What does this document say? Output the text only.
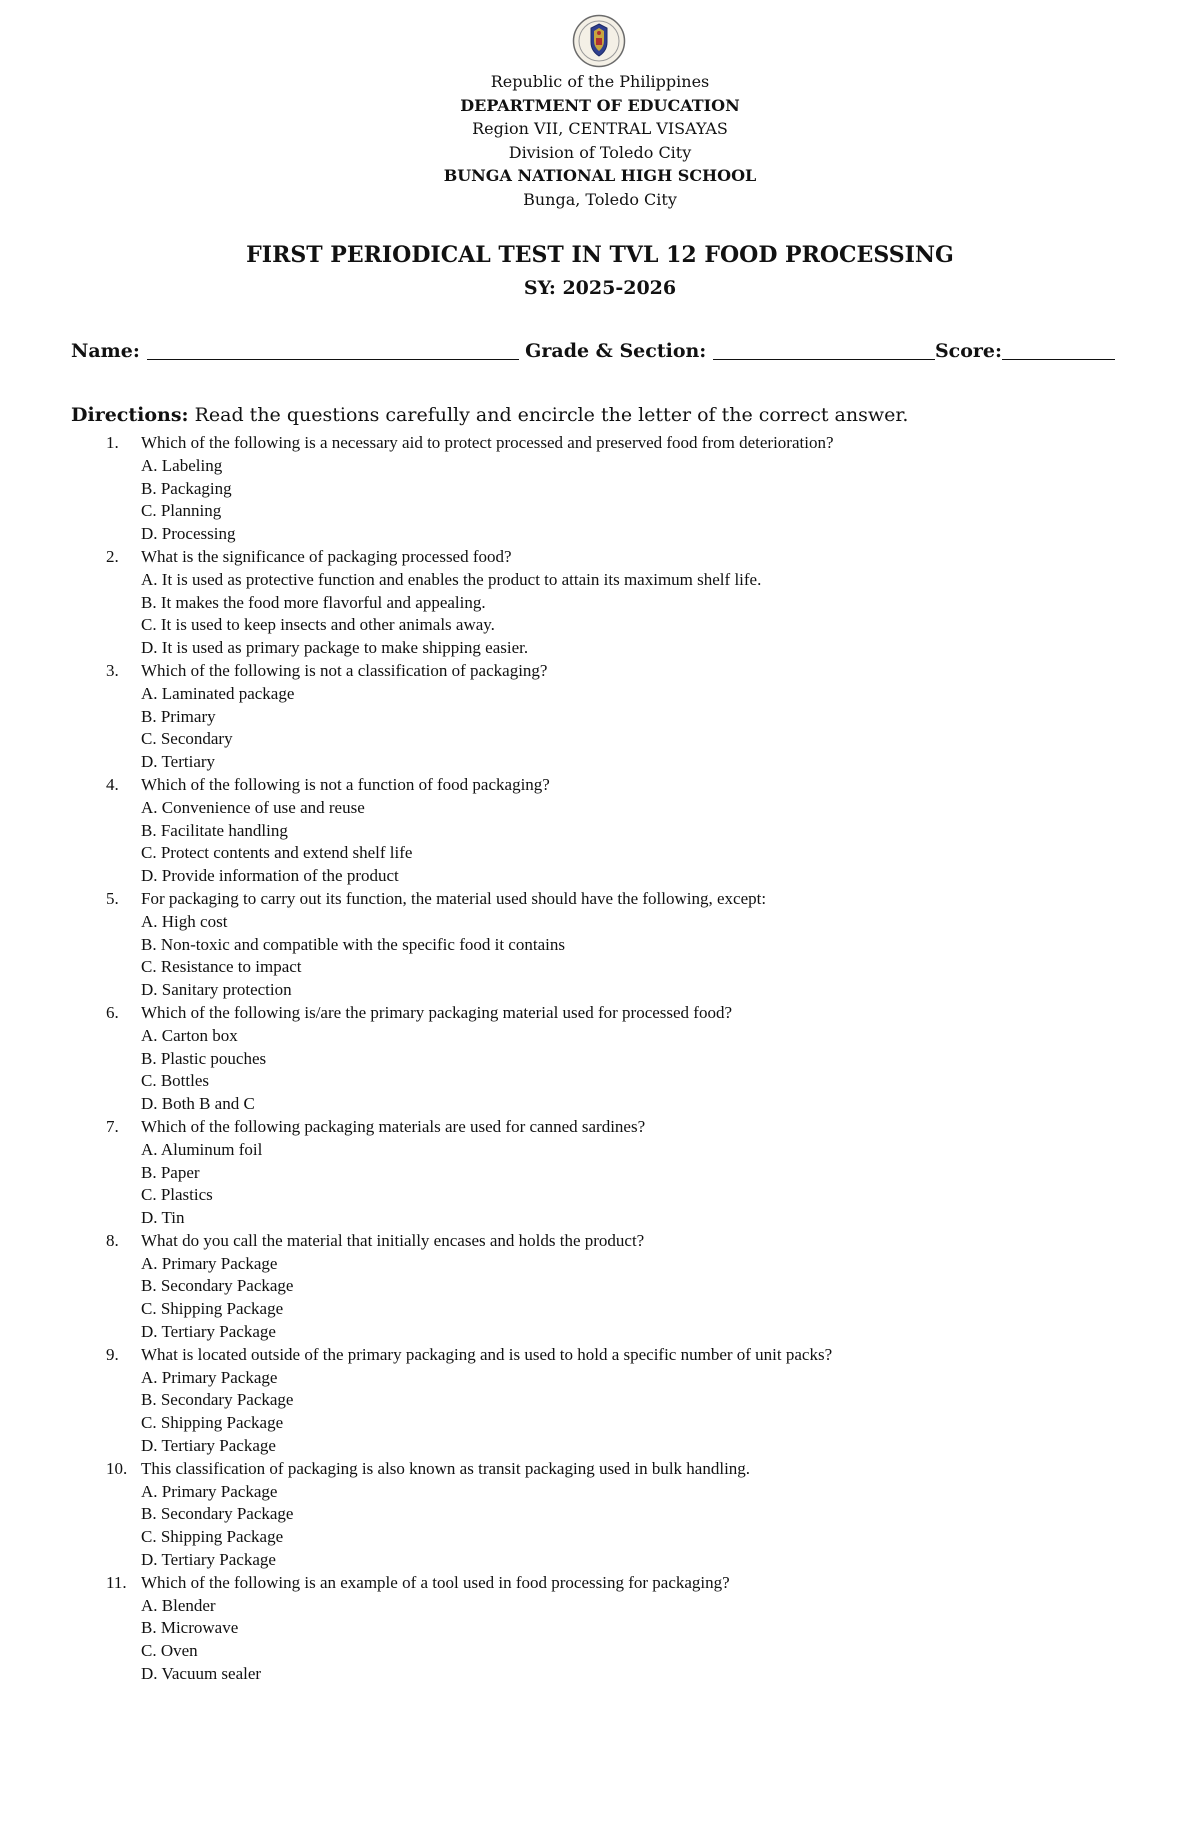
Republic of the Philippines
DEPARTMENT OF EDUCATION
Region VII, CENTRAL VISAYAS
Division of Toledo City
BUNGA NATIONAL HIGH SCHOOL
Bunga, Toledo City
FIRST PERIODICAL TEST IN TVL 12 FOOD PROCESSING
SY: 2025-2026
Name:	Grade & Section:	Score:
Directions: Read the questions carefully and encircle the letter of the correct answer.
1. Which of the following is a necessary aid to protect processed and preserved food from deterioration?
A. Labeling
B. Packaging
C. Planning
D. Processing
2. What is the significance of packaging processed food?
A. It is used as protective function and enables the product to attain its maximum shelf life.
B. It makes the food more flavorful and appealing.
C. It is used to keep insects and other animals away.
D. It is used as primary package to make shipping easier.
3. Which of the following is not a classification of packaging?
A. Laminated package
B. Primary
C. Secondary
D. Tertiary
4. Which of the following is not a function of food packaging?
A. Convenience of use and reuse
B. Facilitate handling
C. Protect contents and extend shelf life
D. Provide information of the product
5. For packaging to carry out its function, the material used should have the following, except:
A. High cost
B. Non-toxic and compatible with the specific food it contains
C. Resistance to impact
D. Sanitary protection
6. Which of the following is/are the primary packaging material used for processed food?
A. Carton box
B. Plastic pouches
C. Bottles
D. Both B and C
7. Which of the following packaging materials are used for canned sardines?
A. Aluminum foil
B. Paper
C. Plastics
D. Tin
8. What do you call the material that initially encases and holds the product?
A. Primary Package
B. Secondary Package
C. Shipping Package
D. Tertiary Package
9. What is located outside of the primary packaging and is used to hold a specific number of unit packs?
A. Primary Package
B. Secondary Package
C. Shipping Package
D. Tertiary Package
10. This classification of packaging is also known as transit packaging used in bulk handling.
A. Primary Package
B. Secondary Package
C. Shipping Package
D. Tertiary Package
11. Which of the following is an example of a tool used in food processing for packaging?
A. Blender
B. Microwave
C. Oven
D. Vacuum sealer
